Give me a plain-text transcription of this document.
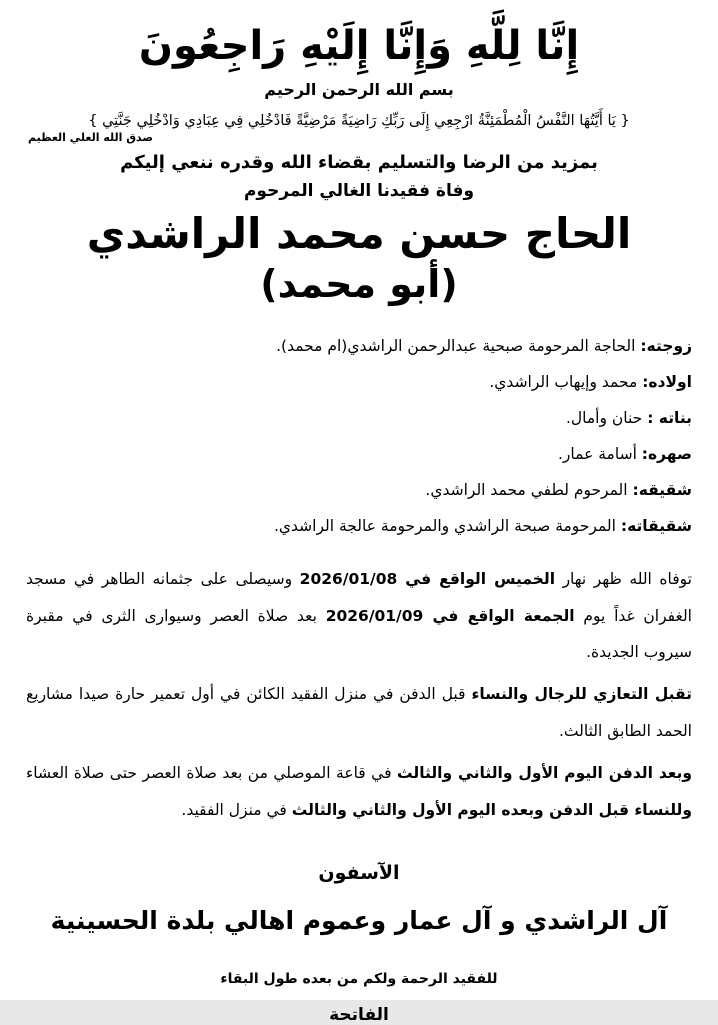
إِنَّا لِلَّهِ وَإِنَّا إِلَيْهِ رَاجِعُونَ
بسم الله الرحمن الرحيم
{ يَا أَيَّتُهَا النَّفْسُ الْمُطْمَئِنَّةُ ارْجِعِي إِلَى رَبِّكِ رَاضِيَةً مَرْضِيَّةً فَادْخُلِي فِي عِبَادِي وَادْخُلِي جَنَّتِي }
صدق الله العلي العظيم
بمزيد من الرضا والتسليم بقضاء الله وقدره ننعي إليكم
وفاة فقيدنا الغالي المرحوم
الحاج حسن محمد الراشدي
(أبو محمد)
زوجته: الحاجة المرحومة صبحية عبدالرحمن الراشدي(ام محمد).
اولاده: محمد وإيهاب الراشدي.
بناته : حنان وأمال.
صهره: أسامة عمار.
شقيقه: المرحوم لطفي محمد الراشدي.
شقيقاته: المرحومة صبحة الراشدي والمرحومة عالجة الراشدي.
توفاه الله ظهر نهار الخميس الواقع في 2026/01/08 وسيصلى على جثمانه الطاهر في مسجد الغفران غداً يوم الجمعة الواقع في 2026/01/09 بعد صلاة العصر وسيوارى الثرى في مقبرة سيروب الجديدة.
تقبل التعازي للرجال والنساء قبل الدفن في منزل الفقيد الكائن في أول تعمير حارة صيدا مشاريع الحمد الطابق الثالث.
وبعد الدفن اليوم الأول والثاني والثالث في قاعة الموصلي من بعد صلاة العصر حتى صلاة العشاء وللنساء قبل الدفن وبعده اليوم الأول والثاني والثالث في منزل الفقيد.
الآسفون
آل الراشدي و آل عمار وعموم اهالي بلدة الحسينية
للفقيد الرحمة ولكم من بعده طول البقاء
الفاتحة
